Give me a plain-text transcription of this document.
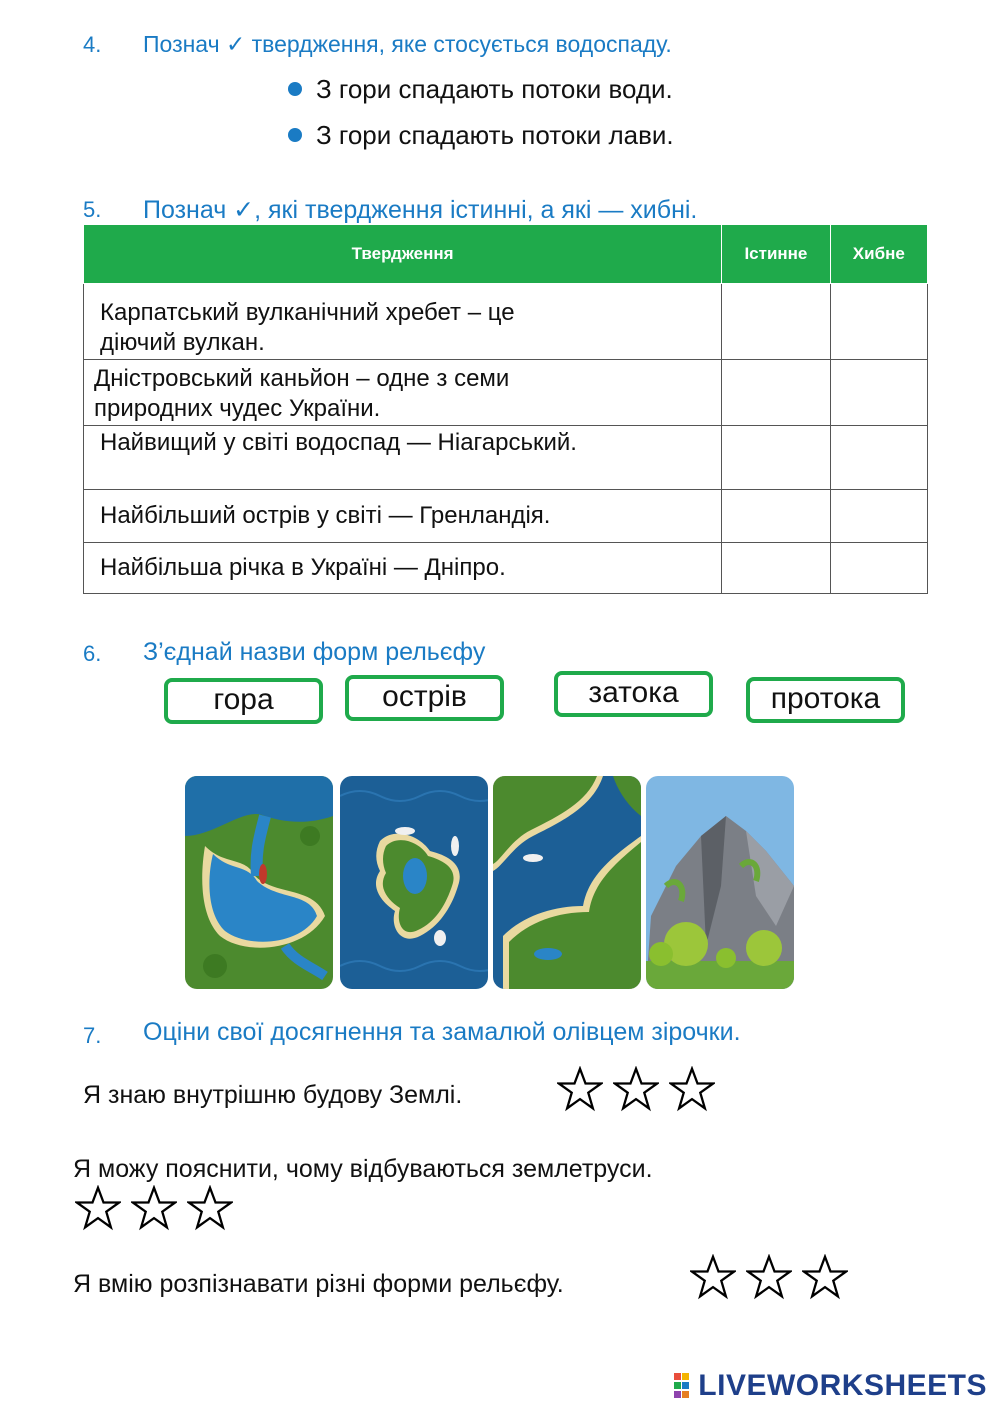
4. Познач ✓ твердження, яке стосується водоспаду.
З гори спадають потоки води.
З гори спадають потоки лави.
5. Познач ✓, які твердження істинні, а які — хибні.
Твердження	Істинне	Хибне

Карпатський вулканічний хребет – це
діючий вулкан.		

Дністровський каньйон – одне з семи
природних чудес України.		

Найвищий у світі водоспад — Ніагарський.		

Найбільший острів у світі — Гренландія.		

Найбільша річка в Україні — Дніпро.		

6. З’єднай назви форм рельєфу
гора	острів	затока	протока
7. Оціни свої досягнення та замалюй олівцем зірочки.
Я знаю внутрішню будову Землі.
Я можу пояснити, чому відбуваються землетруси.
Я вмію розпізнавати різні форми рельєфу.
LIVEWORKSHEETS
